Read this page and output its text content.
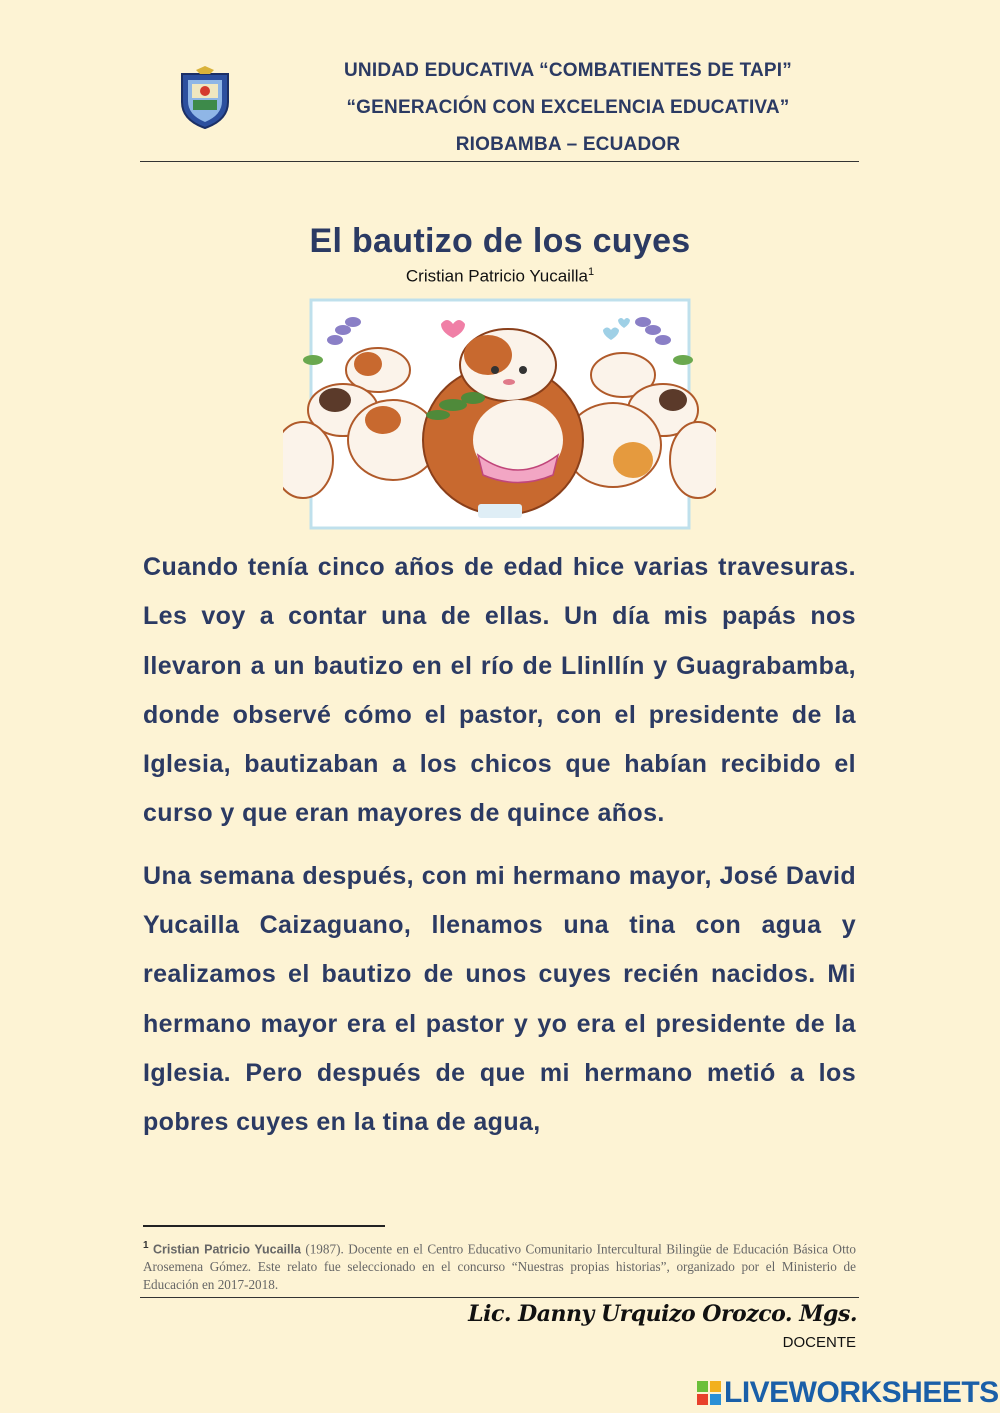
UNIDAD EDUCATIVA “COMBATIENTES DE TAPI”
“GENERACIÓN CON EXCELENCIA EDUCATIVA”
RIOBAMBA – ECUADOR
El bautizo de los cuyes
Cristian Patricio Yucailla$^1$

Cuando tenía cinco años de edad hice varias travesuras. Les voy a contar una de ellas. Un día mis papás nos llevaron a un bautizo en el río de Llinllín y Guagrabamba, donde observé cómo el pastor, con el presidente de la Iglesia, bautizaban a los chicos que habían recibido el curso y que eran mayores de quince años.

Una semana después, con mi hermano mayor, José David Yucailla Caizaguano, llenamos una tina con agua y realizamos el bautizo de unos cuyes recién nacidos. Mi hermano mayor era el pastor y yo era el presidente de la Iglesia. Pero después de que mi hermano metió a los pobres cuyes en la tina de agua,

$^1$ Cristian Patricio Yucailla (1987). Docente en el Centro Educativo Comunitario Intercultural Bilingüe de Educación Básica Otto Arosemena Gómez. Este relato fue seleccionado en el concurso “Nuestras propias historias”, organizado por el Ministerio de Educación en 2017-2018.
Lic. Danny Urquizo Orozco. Mgs.
DOCENTE
LIVEWORKSHEETS
